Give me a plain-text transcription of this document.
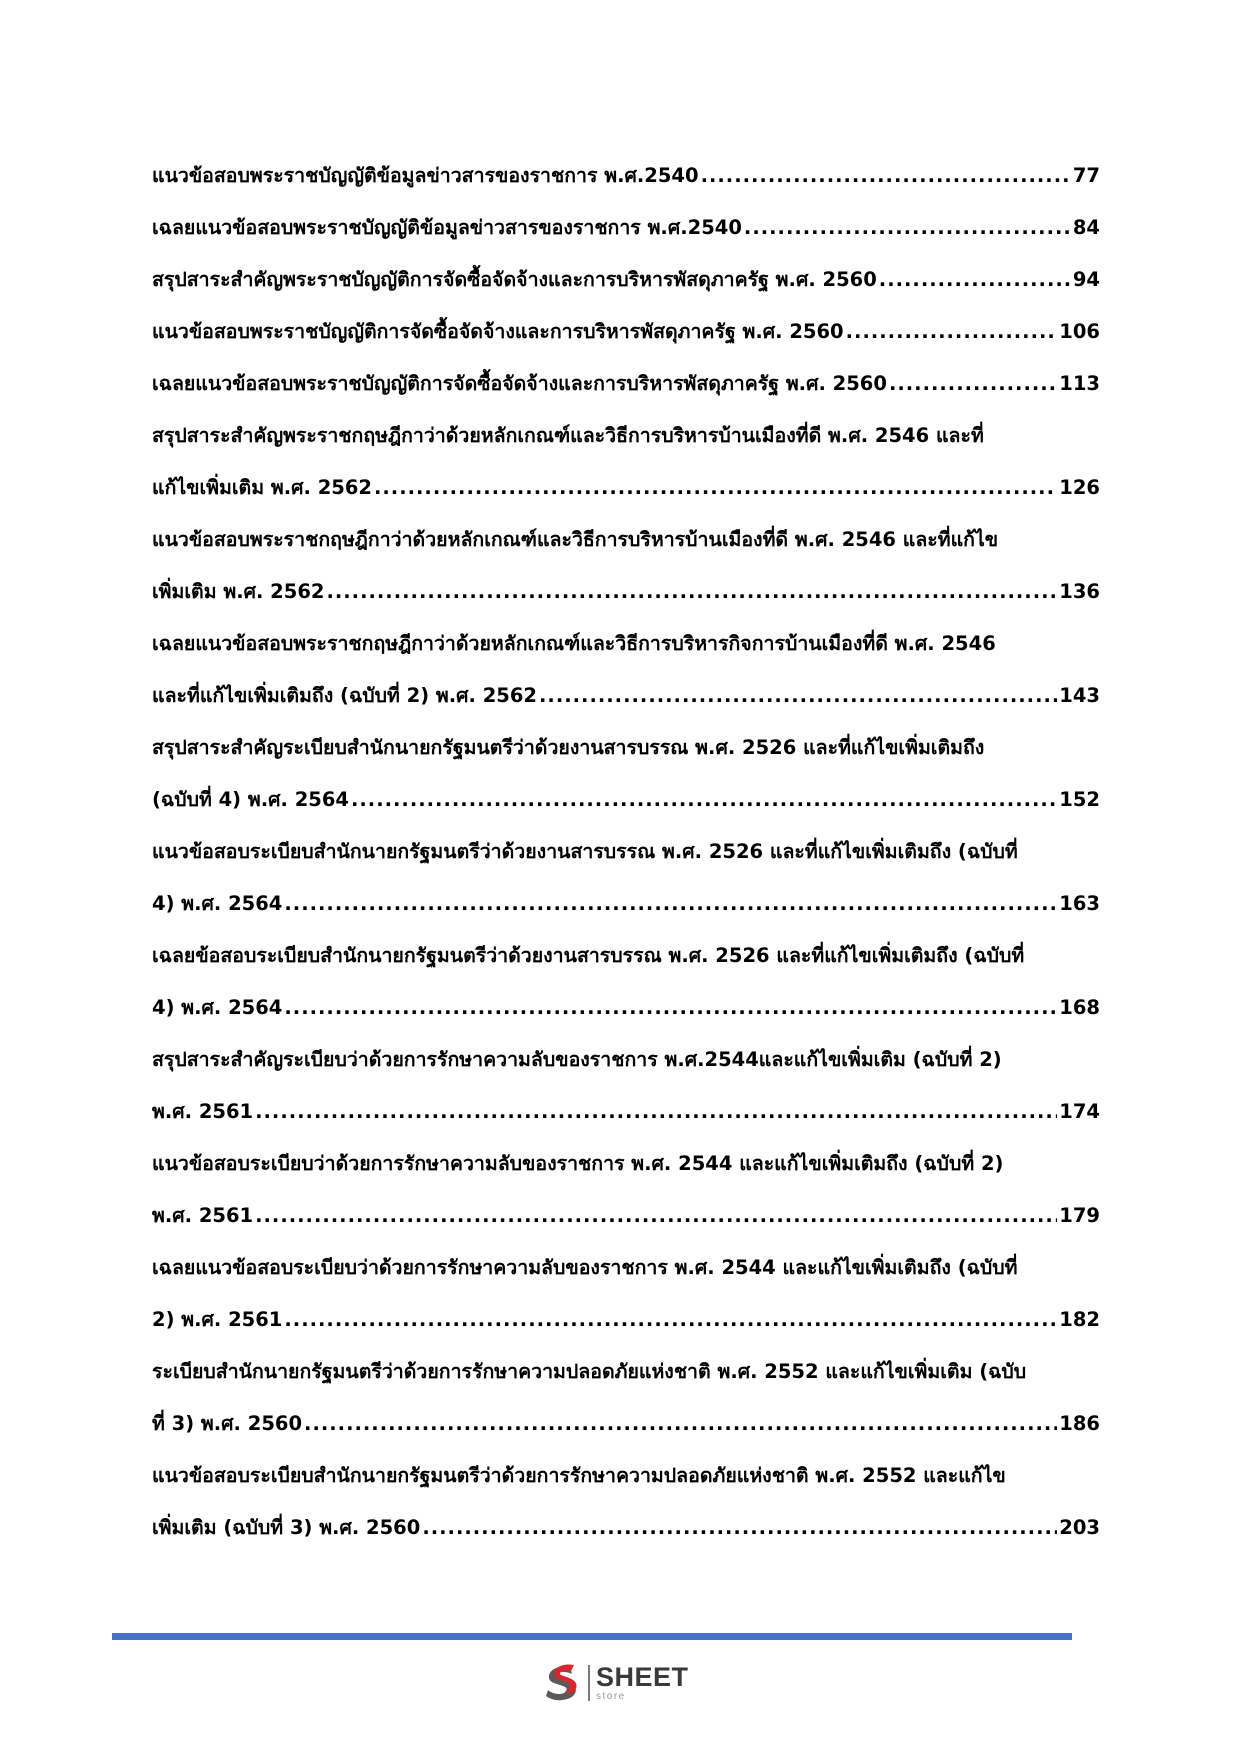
แนวข้อสอบพระราชบัญญัติข้อมูลข่าวสารของราชการ พ.ศ.2540 .....	77
เฉลยแนวข้อสอบพระราชบัญญัติข้อมูลข่าวสารของราชการ พ.ศ.2540 .....	84
สรุปสาระสำคัญพระราชบัญญัติการจัดซื้อจัดจ้างและการบริหารพัสดุภาครัฐ พ.ศ. 2560 .....	94
แนวข้อสอบพระราชบัญญัติการจัดซื้อจัดจ้างและการบริหารพัสดุภาครัฐ พ.ศ. 2560 .....	106
เฉลยแนวข้อสอบพระราชบัญญัติการจัดซื้อจัดจ้างและการบริหารพัสดุภาครัฐ พ.ศ. 2560 .....	113
สรุปสาระสำคัญพระราชกฤษฎีกาว่าด้วยหลักเกณฑ์และวิธีการบริหารบ้านเมืองที่ดี พ.ศ. 2546 และที่
แก้ไขเพิ่มเติม พ.ศ. 2562 .....	126
แนวข้อสอบพระราชกฤษฎีกาว่าด้วยหลักเกณฑ์และวิธีการบริหารบ้านเมืองที่ดี พ.ศ. 2546 และที่แก้ไข
เพิ่มเติม พ.ศ. 2562 .....	136
เฉลยแนวข้อสอบพระราชกฤษฎีกาว่าด้วยหลักเกณฑ์และวิธีการบริหารกิจการบ้านเมืองที่ดี พ.ศ. 2546
และที่แก้ไขเพิ่มเติมถึง (ฉบับที่ 2) พ.ศ. 2562 .....	143
สรุปสาระสำคัญระเบียบสำนักนายกรัฐมนตรีว่าด้วยงานสารบรรณ พ.ศ. 2526 และที่แก้ไขเพิ่มเติมถึง
(ฉบับที่ 4) พ.ศ. 2564 .....	152
แนวข้อสอบระเบียบสำนักนายกรัฐมนตรีว่าด้วยงานสารบรรณ พ.ศ. 2526 และที่แก้ไขเพิ่มเติมถึง (ฉบับที่
4) พ.ศ. 2564 .....	163
เฉลยข้อสอบระเบียบสำนักนายกรัฐมนตรีว่าด้วยงานสารบรรณ พ.ศ. 2526 และที่แก้ไขเพิ่มเติมถึง (ฉบับที่
4) พ.ศ. 2564 .....	168
สรุปสาระสำคัญระเบียบว่าด้วยการรักษาความลับของราชการ พ.ศ.2544และแก้ไขเพิ่มเติม (ฉบับที่ 2)
พ.ศ. 2561 .....	174
แนวข้อสอบระเบียบว่าด้วยการรักษาความลับของราชการ พ.ศ. 2544 และแก้ไขเพิ่มเติมถึง (ฉบับที่ 2)
พ.ศ. 2561 .....	179
เฉลยแนวข้อสอบระเบียบว่าด้วยการรักษาความลับของราชการ พ.ศ. 2544 และแก้ไขเพิ่มเติมถึง (ฉบับที่
2) พ.ศ. 2561 .....	182
ระเบียบสำนักนายกรัฐมนตรีว่าด้วยการรักษาความปลอดภัยแห่งชาติ พ.ศ. 2552 และแก้ไขเพิ่มเติม (ฉบับ
ที่ 3) พ.ศ. 2560 .....	186
แนวข้อสอบระเบียบสำนักนายกรัฐมนตรีว่าด้วยการรักษาความปลอดภัยแห่งชาติ พ.ศ. 2552 และแก้ไข
เพิ่มเติม (ฉบับที่ 3) พ.ศ. 2560 .....	203
SHEET
store
